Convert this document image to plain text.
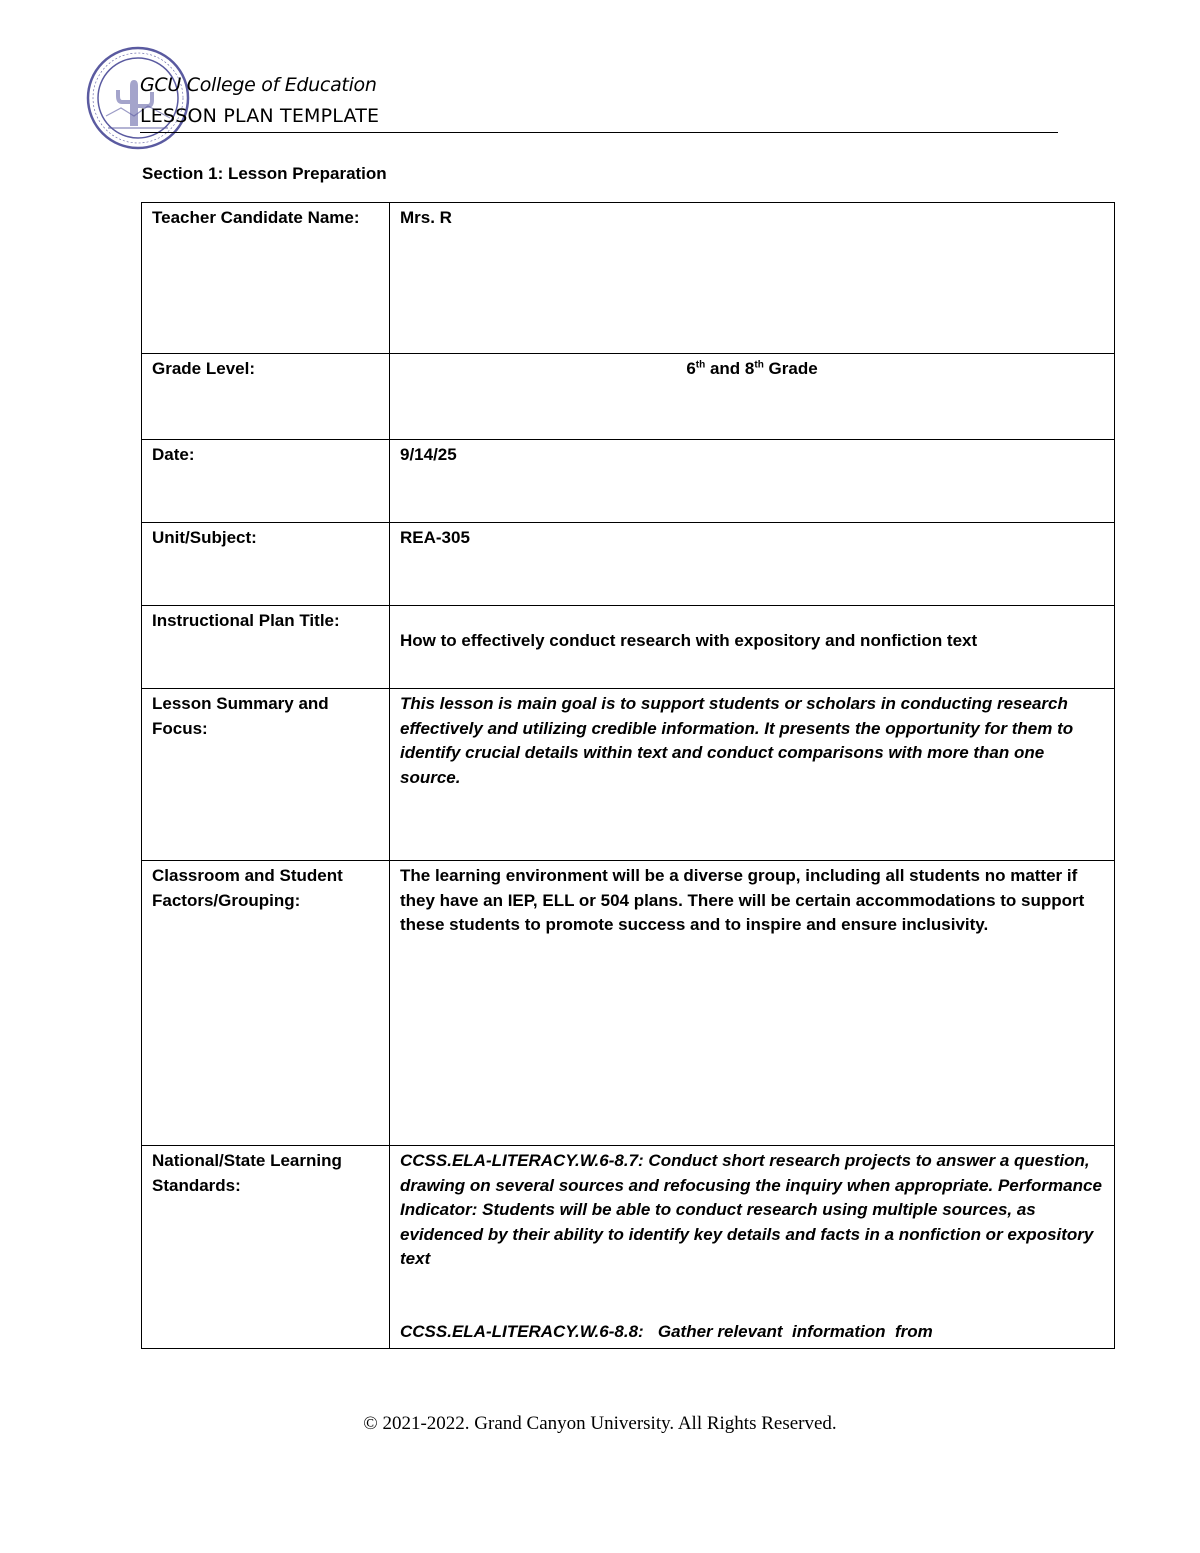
GCU College of Education
LESSON PLAN TEMPLATE
Section 1: Lesson Preparation
Teacher Candidate Name:	Mrs. R
Grade Level:	6th and 8th Grade
Date:	9/14/25
Unit/Subject:	REA-305
Instructional Plan Title:	How to effectively conduct research with expository and nonfiction text

Lesson Summary and Focus:	This lesson is main goal is to support students or scholars in conducting research effectively and utilizing credible information. It presents the opportunity for them to identify crucial details within text and conduct comparisons with more than one source.
Classroom and Student Factors/Grouping:	The learning environment will be a diverse group, including all students no matter if they have an IEP, ELL or 504 plans. There will be certain accommodations to support these students to promote success and to inspire and ensure inclusivity.
National/State Learning Standards:	CCSS.ELA-LITERACY.W.6-8.7: Conduct short research projects to answer a question, drawing on several sources and refocusing the inquiry when appropriate. Performance Indicator: Students will be able to conduct research using multiple sources, as evidenced by their ability to identify key details and facts in a nonfiction or expository text
CCSS.ELA-LITERACY.W.6-8.8:   Gather relevant  information  from
© 2021-2022. Grand Canyon University. All Rights Reserved.
